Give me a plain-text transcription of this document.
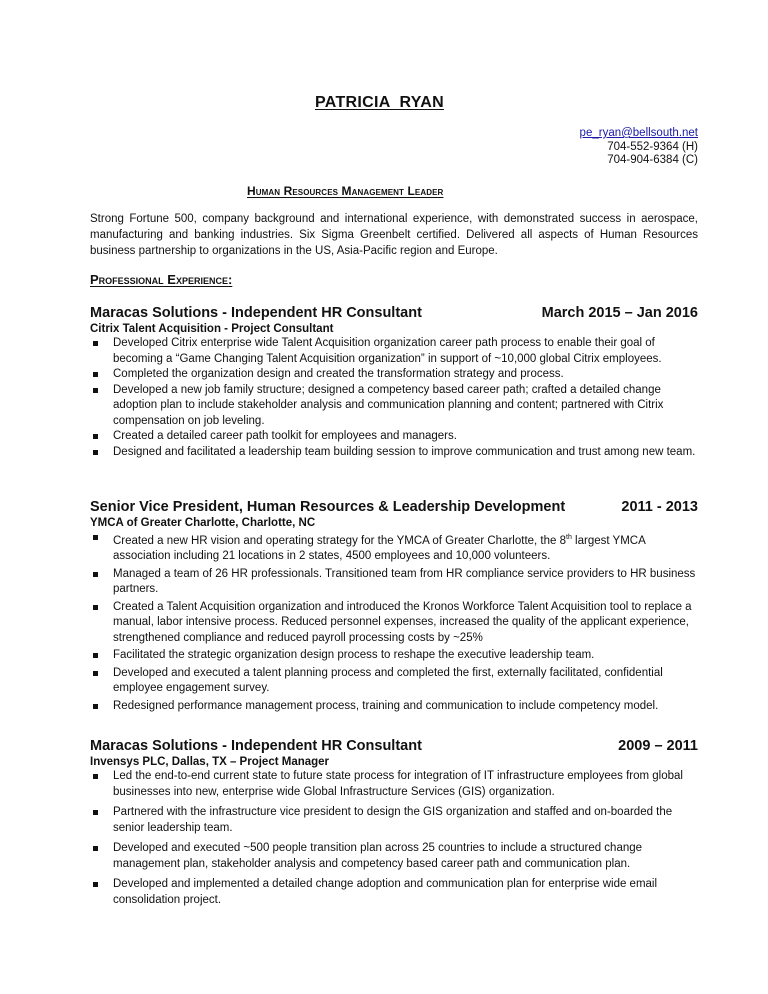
PATRICIA  RYAN
pe_ryan@bellsouth.net
704-552-9364 (H)
704-904-6384 (C)
Human Resources Management Leader
Strong Fortune 500, company background and international experience, with demonstrated success in aerospace, manufacturing and banking industries. Six Sigma Greenbelt certified. Delivered all aspects of Human Resources business partnership to organizations in the US, Asia-Pacific region and Europe.
Professional Experience:
Maracas Solutions - Independent HR Consultant	March 2015 – Jan 2016
Citrix Talent Acquisition - Project Consultant
Developed Citrix enterprise wide Talent Acquisition organization career path process to enable their goal of becoming a “Game Changing Talent Acquisition organization” in support of ~10,000 global Citrix employees.
Completed the organization design and created the transformation strategy and process.
Developed a new job family structure; designed a competency based career path; crafted a detailed change adoption plan to include stakeholder analysis and communication planning and content; partnered with Citrix compensation on job leveling.
Created a detailed career path toolkit for employees and managers.
Designed and facilitated a leadership team building session to improve communication and trust among new team.
Senior Vice President, Human Resources & Leadership Development	2011 - 2013
YMCA of Greater Charlotte, Charlotte, NC
Created a new HR vision and operating strategy for the YMCA of Greater Charlotte, the 8th largest YMCA association including 21 locations in 2 states, 4500 employees and 10,000 volunteers.
Managed a team of 26 HR professionals. Transitioned team from HR compliance service providers to HR business partners.
Created a Talent Acquisition organization and introduced the Kronos Workforce Talent Acquisition tool to replace a manual, labor intensive process. Reduced personnel expenses, increased the quality of the applicant experience, strengthened compliance and reduced payroll processing costs by ~25%
Facilitated the strategic organization design process to reshape the executive leadership team.
Developed and executed a talent planning process and completed the first, externally facilitated, confidential employee engagement survey.
Redesigned performance management process, training and communication to include competency model.
Maracas Solutions - Independent HR Consultant	2009 – 2011
Invensys PLC, Dallas, TX – Project Manager
Led the end-to-end current state to future state process for integration of IT infrastructure employees from global businesses into new, enterprise wide Global Infrastructure Services (GIS) organization.
Partnered with the infrastructure vice president to design the GIS organization and staffed and on-boarded the senior leadership team.
Developed and executed ~500 people transition plan across 25 countries to include a structured change management plan, stakeholder analysis and competency based career path and communication plan.
Developed and implemented a detailed change adoption and communication plan for enterprise wide email consolidation project.
